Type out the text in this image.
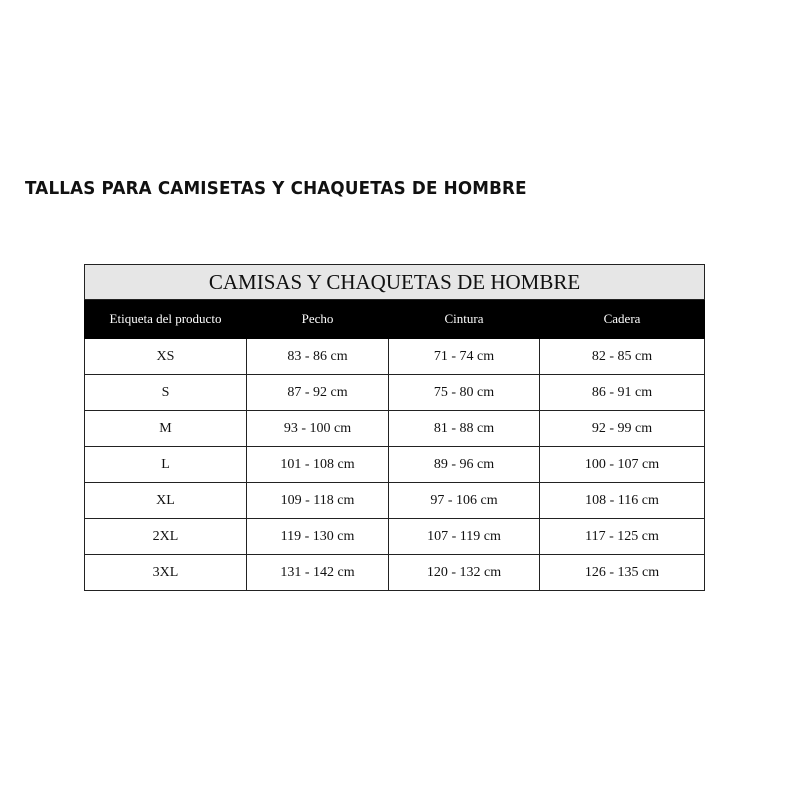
TALLAS PARA CAMISETAS Y CHAQUETAS DE HOMBRE
CAMISAS Y CHAQUETAS DE HOMBRE			
Etiqueta del producto	Pecho	Cintura	Cadera
XS	83 - 86 cm	71 - 74 cm	82 - 85 cm
S	87 - 92 cm	75 - 80 cm	86 - 91 cm
M	93 - 100 cm	81 - 88 cm	92 - 99 cm
L	101 - 108 cm	89 - 96 cm	100 - 107 cm
XL	109 - 118 cm	97 - 106 cm	108 - 116 cm
2XL	119 - 130 cm	107 - 119 cm	117 - 125 cm
3XL	131 - 142 cm	120 - 132 cm	126 - 135 cm
